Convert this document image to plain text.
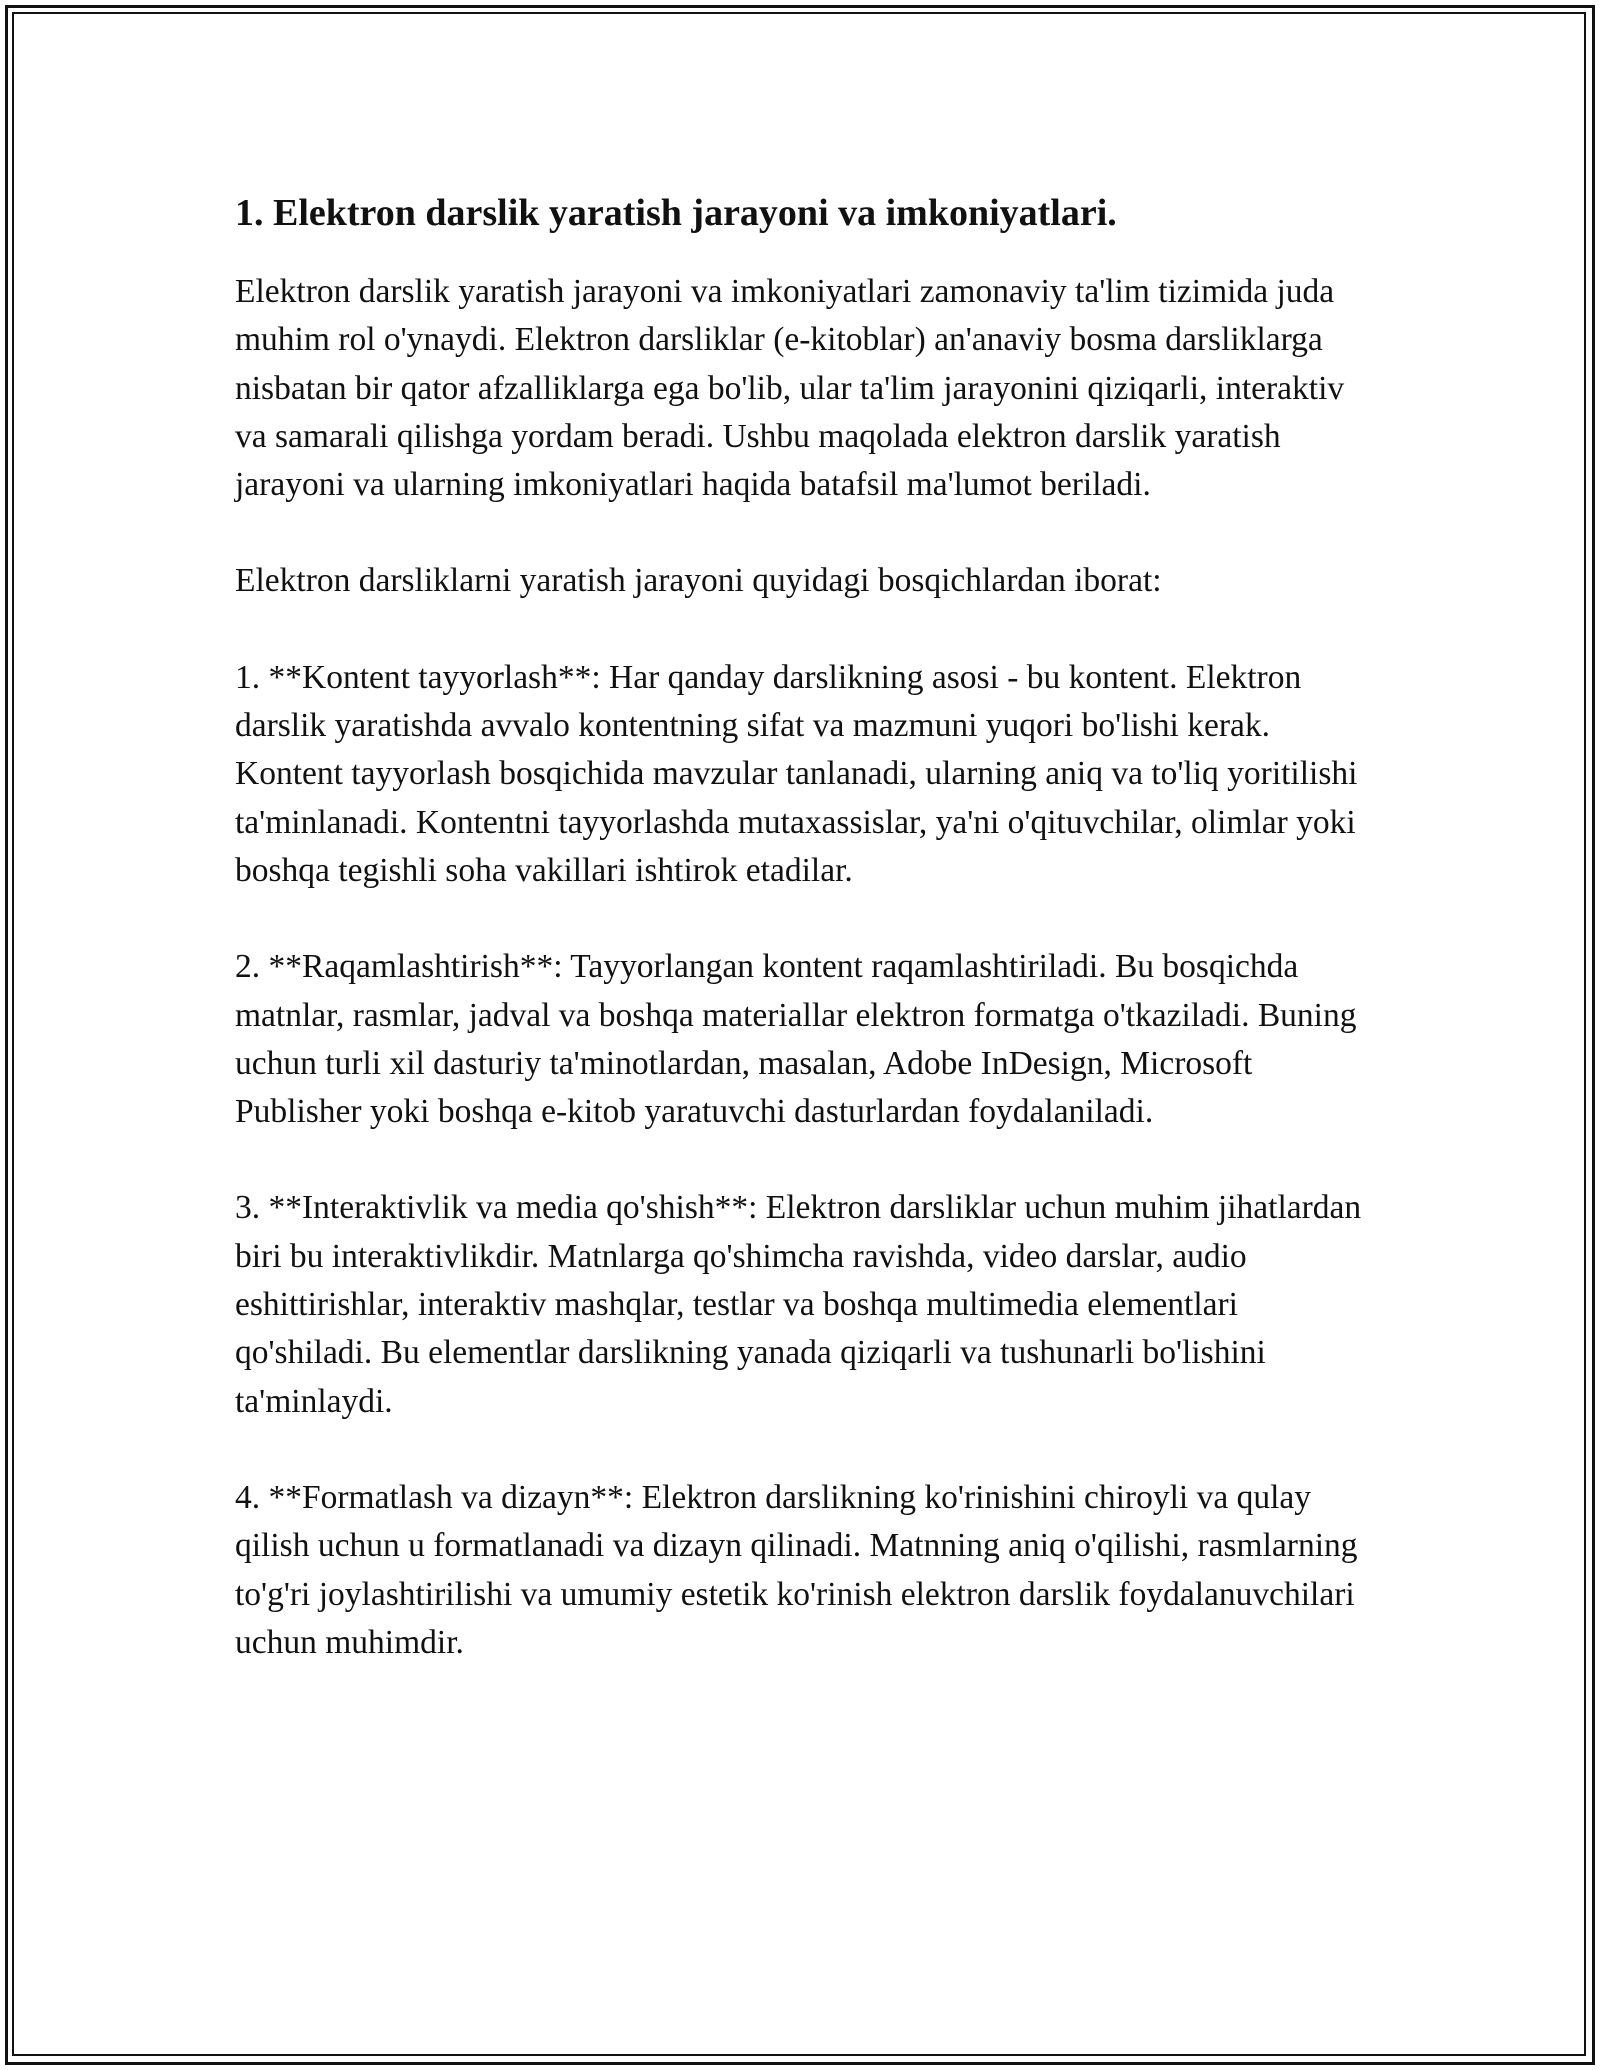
1. Elektron darslik yaratish jarayoni va imkoniyatlari.

Elektron darslik yaratish jarayoni va imkoniyatlari zamonaviy ta'lim tizimida juda muhim rol o'ynaydi. Elektron darsliklar (e-kitoblar) an'anaviy bosma darsliklarga nisbatan bir qator afzalliklarga ega bo'lib, ular ta'lim jarayonini qiziqarli, interaktiv va samarali qilishga yordam beradi. Ushbu maqolada elektron darslik yaratish jarayoni va ularning imkoniyatlari haqida batafsil ma'lumot beriladi.

Elektron darsliklarni yaratish jarayoni quyidagi bosqichlardan iborat:

1. **Kontent tayyorlash**: Har qanday darslikning asosi - bu kontent. Elektron darslik yaratishda avvalo kontentning sifat va mazmuni yuqori bo'lishi kerak. Kontent tayyorlash bosqichida mavzular tanlanadi, ularning aniq va to'liq yoritilishi ta'minlanadi. Kontentni tayyorlashda mutaxassislar, ya'ni o'qituvchilar, olimlar yoki boshqa tegishli soha vakillari ishtirok etadilar.

2. **Raqamlashtirish**: Tayyorlangan kontent raqamlashtiriladi. Bu bosqichda matnlar, rasmlar, jadval va boshqa materiallar elektron formatga o'tkaziladi. Buning uchun turli xil dasturiy ta'minotlardan, masalan, Adobe InDesign, Microsoft Publisher yoki boshqa e-kitob yaratuvchi dasturlardan foydalaniladi.

3. **Interaktivlik va media qo'shish**: Elektron darsliklar uchun muhim jihatlardan biri bu interaktivlikdir. Matnlarga qo'shimcha ravishda, video darslar, audio eshittirishlar, interaktiv mashqlar, testlar va boshqa multimedia elementlari qo'shiladi. Bu elementlar darslikning yanada qiziqarli va tushunarli bo'lishini ta'minlaydi.

4. **Formatlash va dizayn**: Elektron darslikning ko'rinishini chiroyli va qulay qilish uchun u formatlanadi va dizayn qilinadi. Matnning aniq o'qilishi, rasmlarning to'g'ri joylashtirilishi va umumiy estetik ko'rinish elektron darslik foydalanuvchilari uchun muhimdir.
